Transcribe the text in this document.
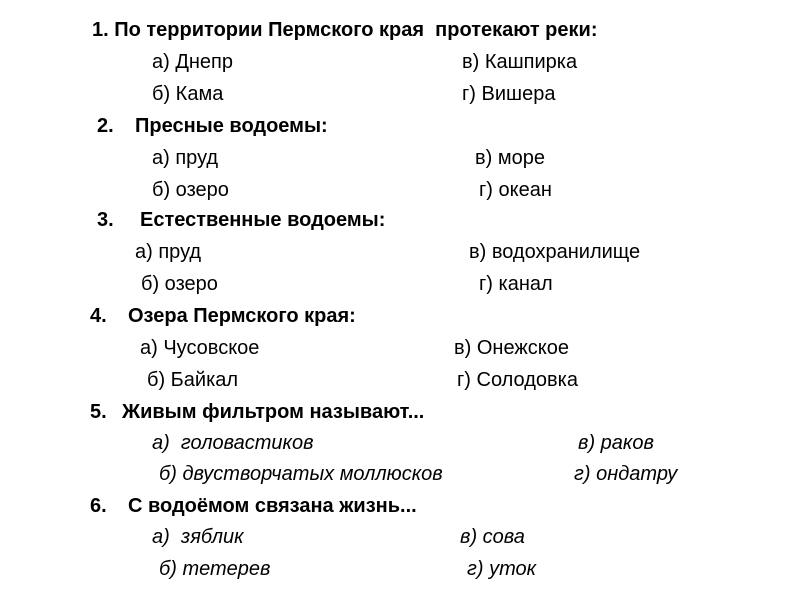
1. По территории Пермского края  протекают реки:
а) Днепр	в) Кашпирка
б) Кама	г) Вишера
2. Пресные водоемы:
а) пруд	в) море
б) озеро	г) океан
3. Естественные водоемы:
а) пруд	в) водохранилище
б) озеро	г) канал
4. Озера Пермского края:
а) Чусовское	в) Онежское
б) Байкал	г) Солодовка
5. Живым фильтром называют...
а)  головастиков	в) раков
б) двустворчатых моллюсков	г) ондатру
6. С водоёмом связана жизнь...
а)  зяблик	в) сова
б) тетерев	г) уток
